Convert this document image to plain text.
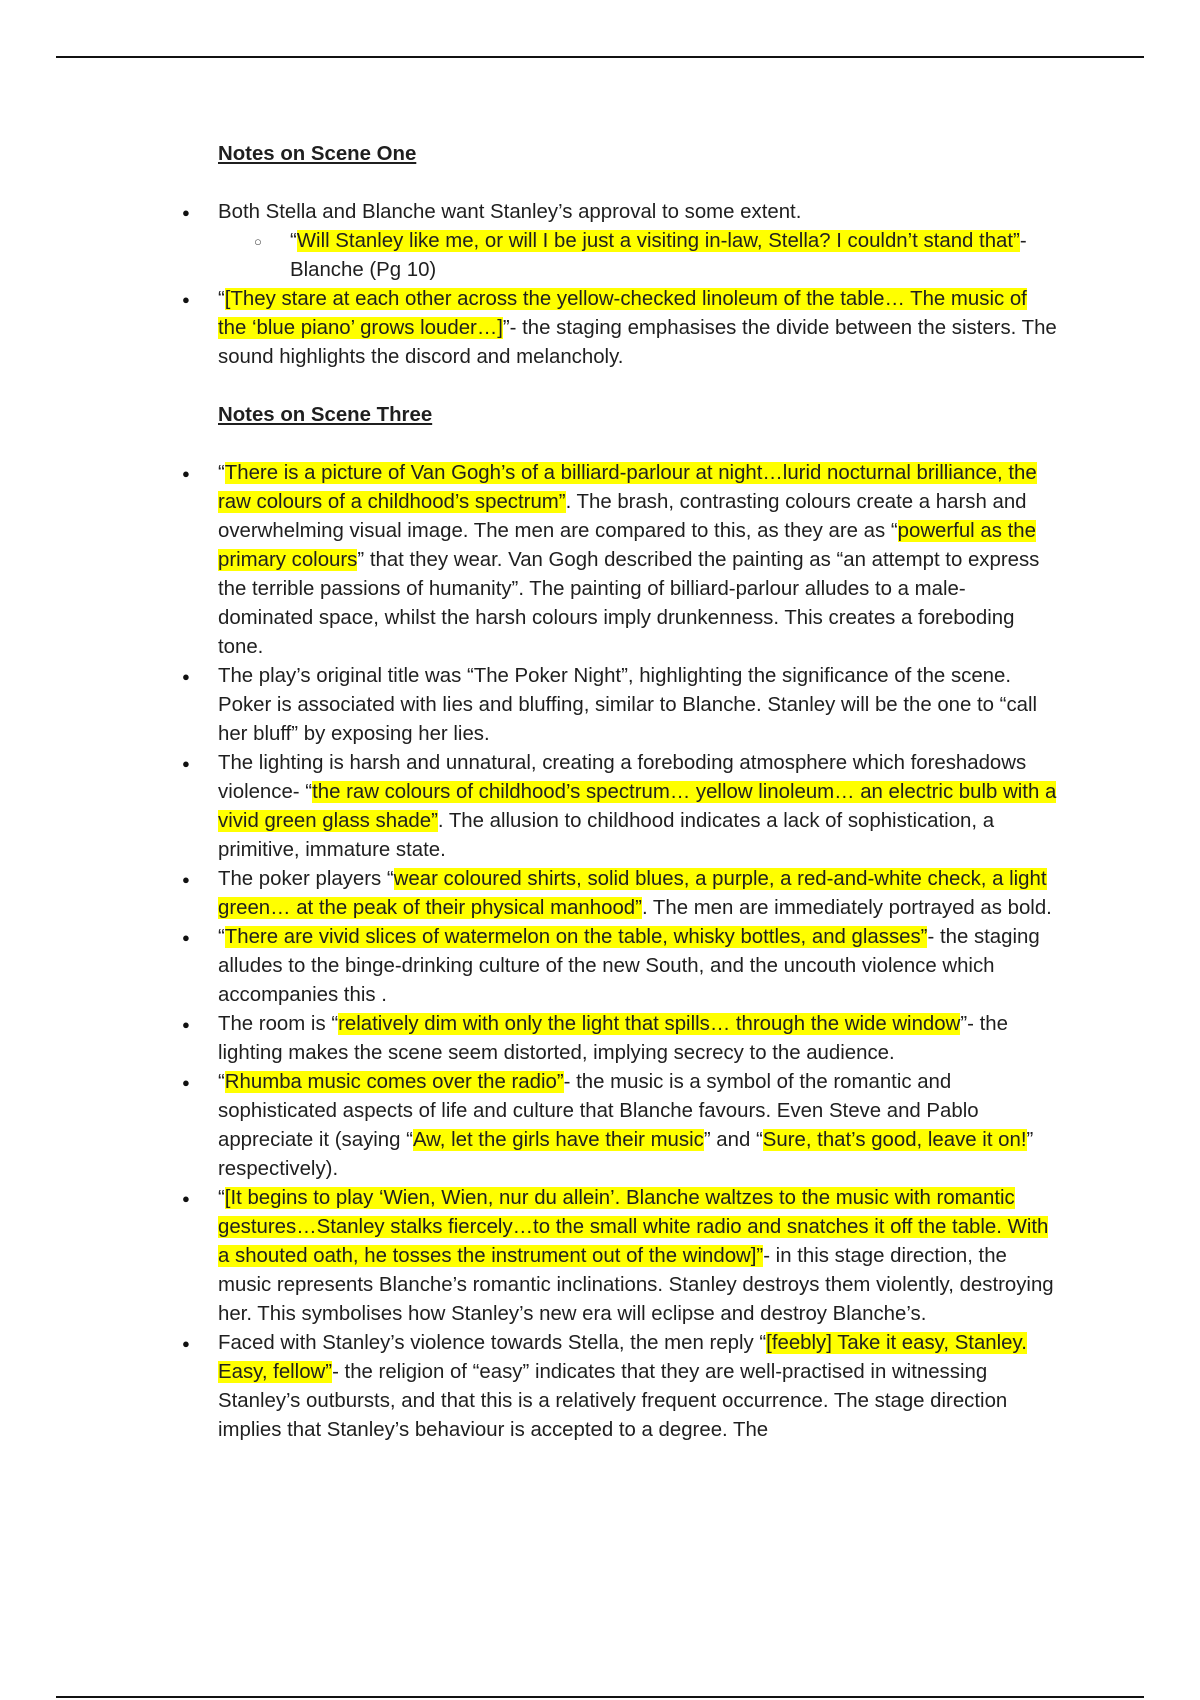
Notes on Scene One
● Both Stella and Blanche want Stanley’s approval to some extent.
○ “Will Stanley like me, or will I be just a visiting in-law, Stella? I couldn’t stand that”- Blanche (Pg 10)
● “[They stare at each other across the yellow-checked linoleum of the table… The music of the ‘blue piano’ grows louder…]”- the staging emphasises the divide between the sisters. The sound highlights the discord and melancholy.
Notes on Scene Three
● “There is a picture of Van Gogh’s of a billiard-parlour at night…lurid nocturnal brilliance, the raw colours of a childhood’s spectrum”. The brash, contrasting colours create a harsh and overwhelming visual image. The men are compared to this, as they are as “powerful as the primary colours” that they wear. Van Gogh described the painting as “an attempt to express the terrible passions of humanity”. The painting of billiard-parlour alludes to a male-dominated space, whilst the harsh colours imply drunkenness. This creates a foreboding tone.
● The play’s original title was “The Poker Night”, highlighting the significance of the scene. Poker is associated with lies and bluffing, similar to Blanche. Stanley will be the one to “call her bluff” by exposing her lies.
● The lighting is harsh and unnatural, creating a foreboding atmosphere which foreshadows violence- “the raw colours of childhood’s spectrum… yellow linoleum… an electric bulb with a vivid green glass shade”. The allusion to childhood indicates a lack of sophistication, a primitive, immature state.
● The poker players “wear coloured shirts, solid blues, a purple, a red-and-white check, a light green… at the peak of their physical manhood”. The men are immediately portrayed as bold.
● “There are vivid slices of watermelon on the table, whisky bottles, and glasses”- the staging alludes to the binge-drinking culture of the new South, and the uncouth violence which accompanies this .
● The room is “relatively dim with only the light that spills… through the wide window”- the lighting makes the scene seem distorted, implying secrecy to the audience.
● “Rhumba music comes over the radio”- the music is a symbol of the romantic and sophisticated aspects of life and culture that Blanche favours. Even Steve and Pablo appreciate it (saying “Aw, let the girls have their music” and “Sure, that’s good, leave it on!” respectively).
● “[It begins to play ‘Wien, Wien, nur du allein’. Blanche waltzes to the music with romantic gestures…Stanley stalks fiercely…to the small white radio and snatches it off the table. With a shouted oath, he tosses the instrument out of the window]”- in this stage direction, the music represents Blanche’s romantic inclinations. Stanley destroys them violently, destroying her. This symbolises how Stanley’s new era will eclipse and destroy Blanche’s.
● Faced with Stanley’s violence towards Stella, the men reply “[feebly] Take it easy, Stanley. Easy, fellow”- the religion of “easy” indicates that they are well-practised in witnessing Stanley’s outbursts, and that this is a relatively frequent occurrence. The stage direction implies that Stanley’s behaviour is accepted to a degree. The
